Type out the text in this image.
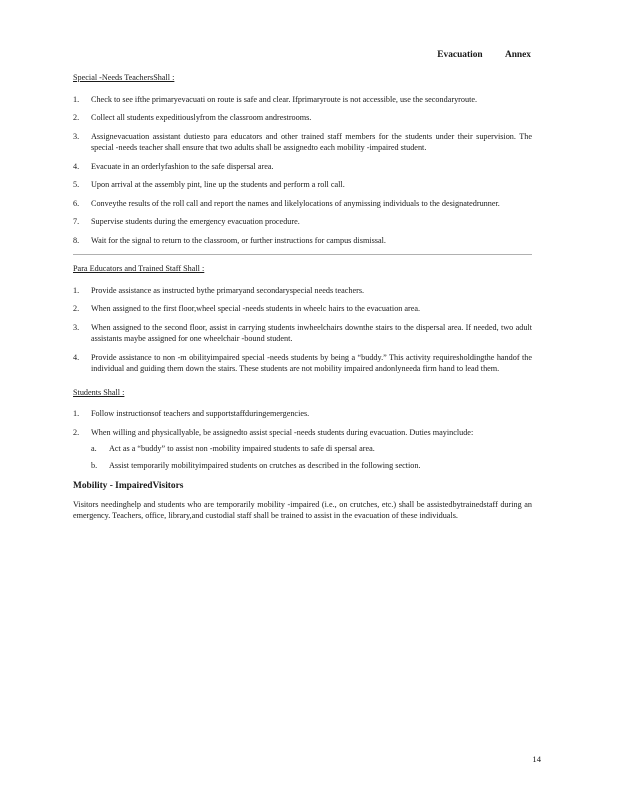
Evacuation Annex
Special -Needs TeachersShall :
1. Check to see ifthe primaryevacuati on route is safe and clear. Ifprimaryroute is not accessible, use the secondaryroute.
2. Collect all students expeditiouslyfrom the classroom andrestrooms.
3. Assignevacuation assistant dutiesto para educators and other trained staff members for the students under their supervision. The special -needs teacher shall ensure that two adults shall be assignedto each mobility -impaired student.
4. Evacuate in an orderlyfashion to the safe dispersal area.
5. Upon arrival at the assembly pint, line up the students and perform a roll call.
6. Conveythe results of the roll call and report the names and likelylocations of anymissing individuals to the designatedrunner.
7. Supervise students during the emergency evacuation procedure.
8. Wait for the signal to return to the classroom, or further instructions for campus dismissal.
Para Educators and Trained Staff Shall :
1. Provide assistance as instructed bythe primaryand secondaryspecial needs teachers.
2. When assigned to the first floor,wheel special -needs students in wheelc hairs to the evacuation area.
3. When assigned to the second floor, assist in carrying students inwheelchairs downthe stairs to the dispersal area. If needed, two adult assistants maybe assigned for one wheelchair -bound student.
4. Provide assistance to non -m obilityimpaired special -needs students by being a “buddy.” This activity requiresholdingthe handof the individual and guiding them down the stairs. These students are not mobility impaired andonlyneeda firm hand to lead them.
Students Shall :
1. Follow instructionsof teachers and supportstaffduringemergencies.
2. When willing and physicallyable, be assignedto assist special -needs students during evacuation. Duties mayinclude:
a. Act as a “buddy” to assist non -mobility impaired students to safe di spersal area.
b. Assist temporarily mobilityimpaired students on crutches as described in the following section.
Mobility - ImpairedVisitors
Visitors needinghelp and students who are temporarily mobility -impaired (i.e., on crutches, etc.) shall be assistedbytrainedstaff during an emergency. Teachers, office, library,and custodial staff shall be trained to assist in the evacuation of these individuals.
14
